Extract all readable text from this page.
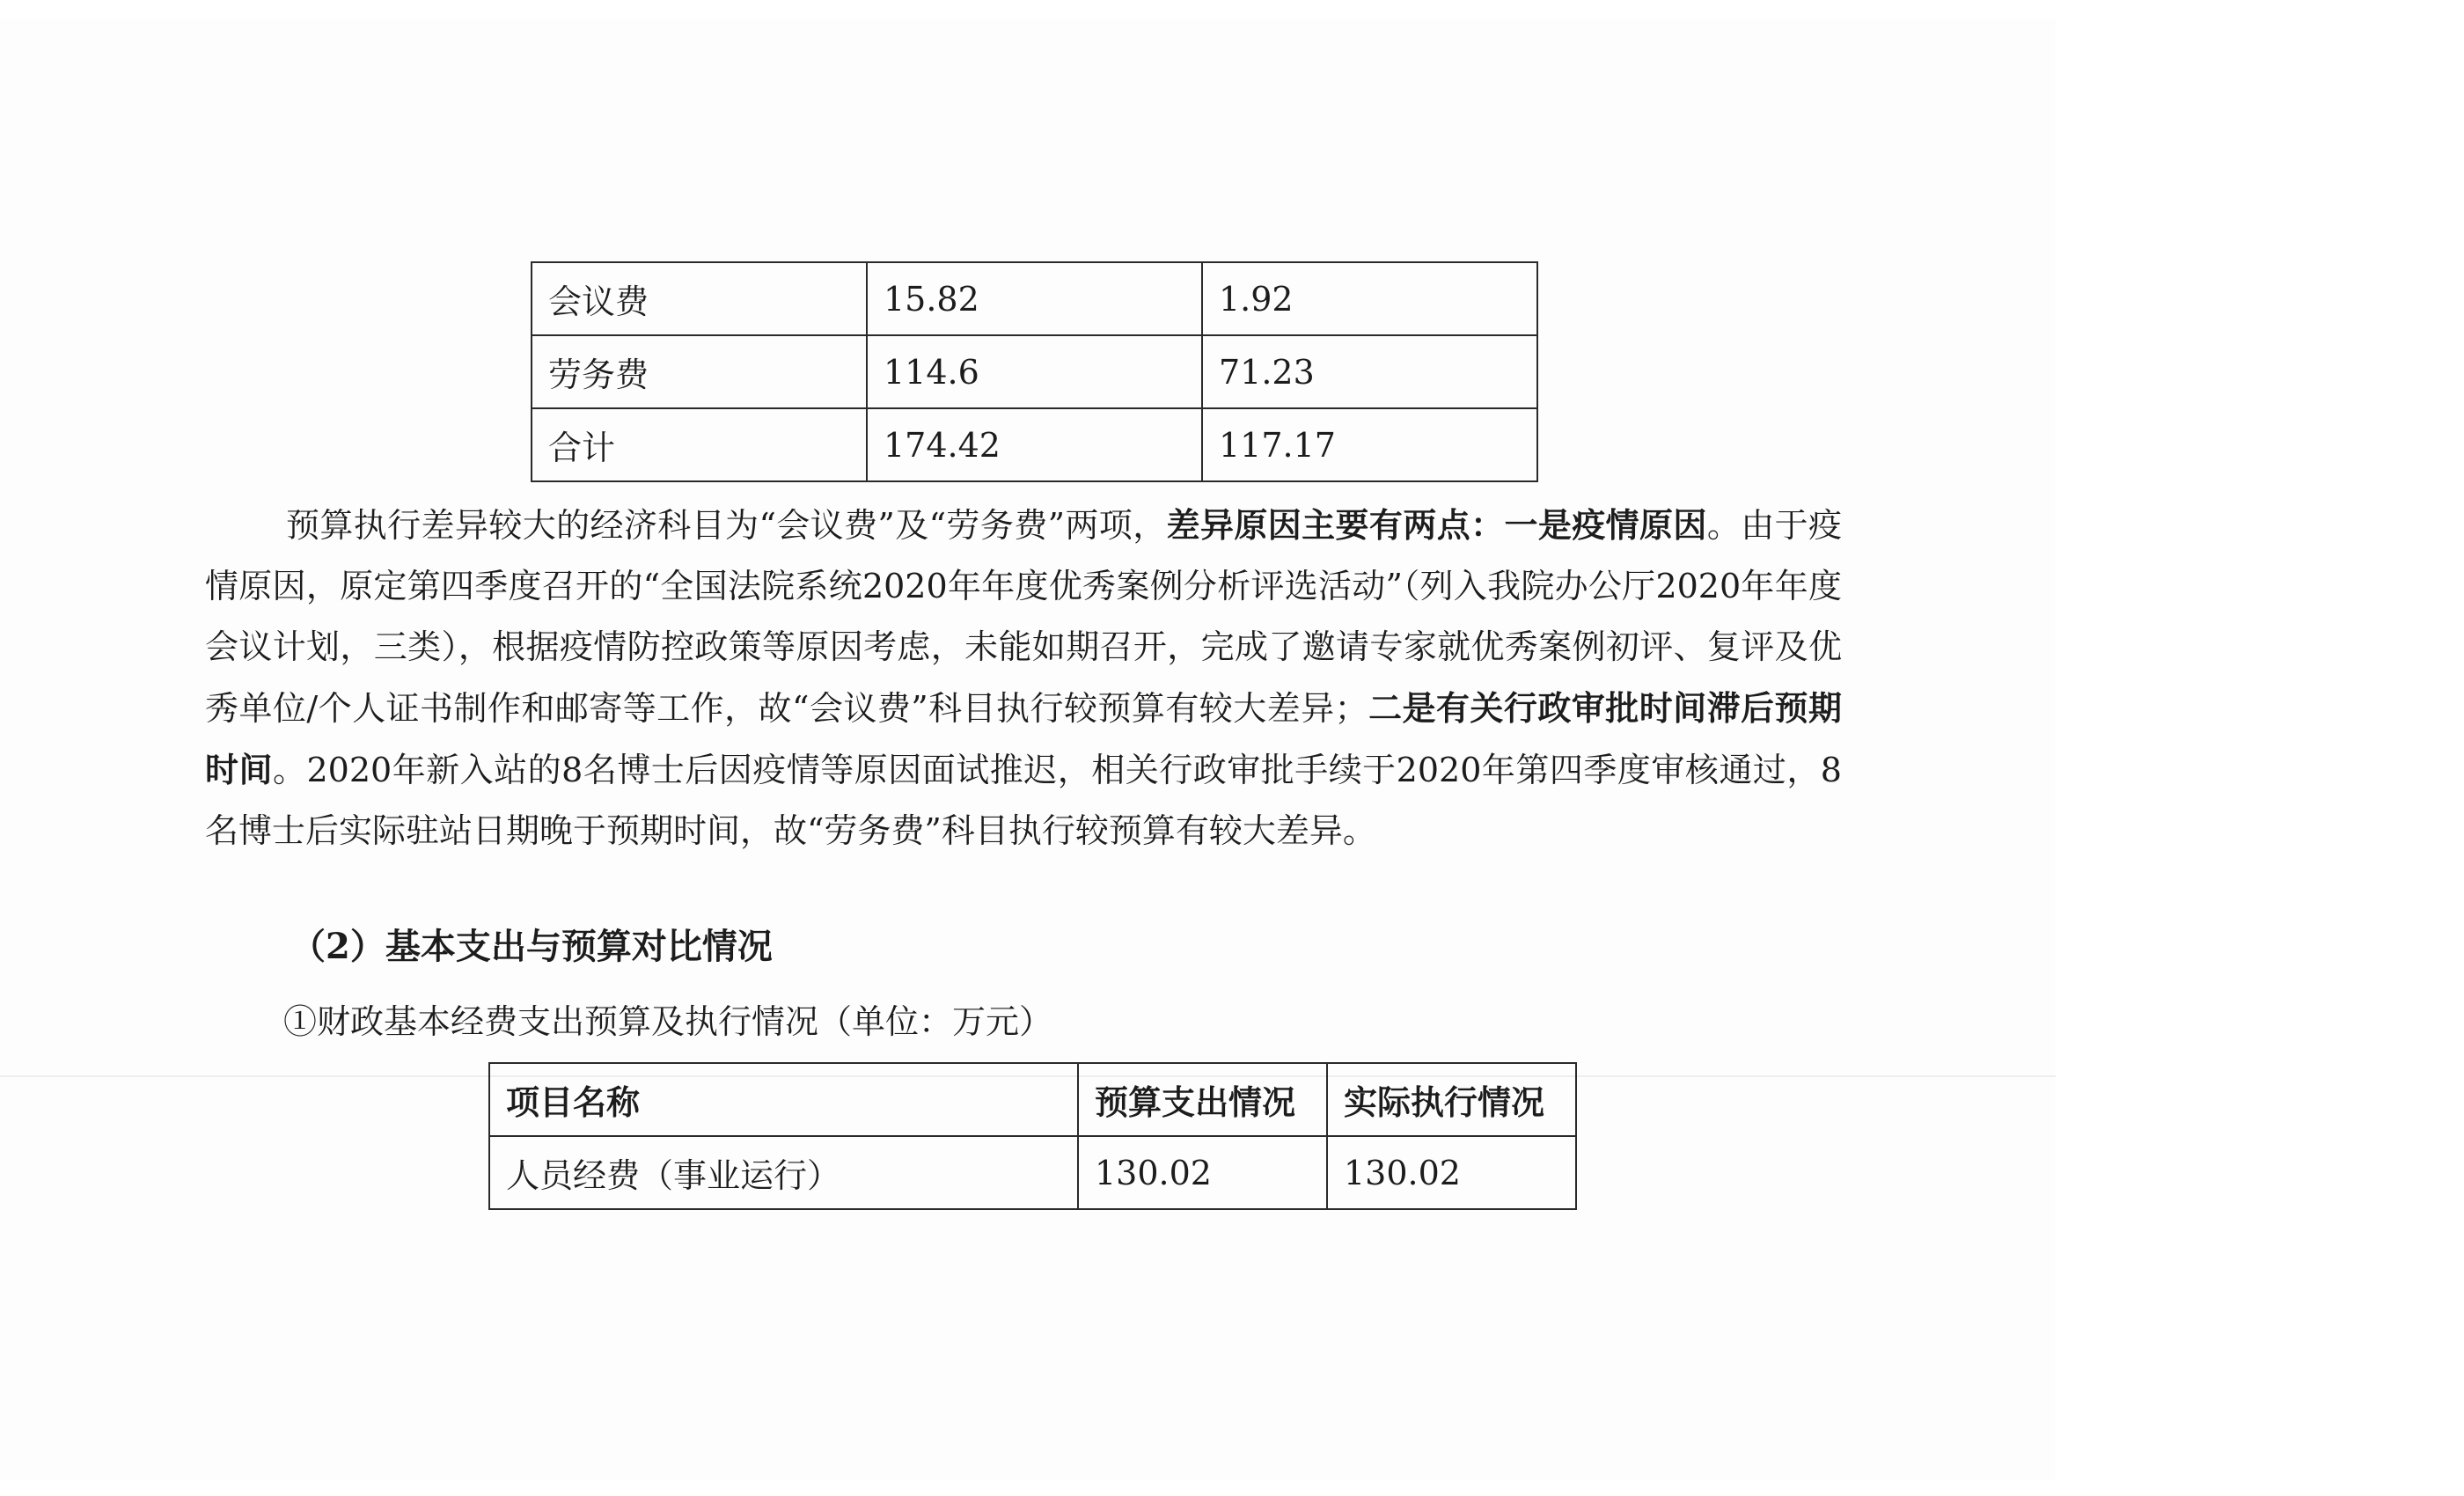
会议费	15.82	1.92
劳务费	114.6	71.23
合计	174.42	117.17

预算执行差异较大的经济科目为“会议费”及“劳务费”两项，差异原因主要有两点：一是疫情原因。由于疫情原因，原定第四季度召开的“全国法院系统2020年年度优秀案例分析评选活动”（列入我院办公厅2020年年度会议计划，三类），根据疫情防控政策等原因考虑，未能如期召开，完成了邀请专家就优秀案例初评、复评及优秀单位/个人证书制作和邮寄等工作，故“会议费”科目执行较预算有较大差异；二是有关行政审批时间滞后预期时间。2020年新入站的8名博士后因疫情等原因面试推迟，相关行政审批手续于2020年第四季度审核通过，8名博士后实际驻站日期晚于预期时间，故“劳务费”科目执行较预算有较大差异。

（2）基本支出与预算对比情况

①财政基本经费支出预算及执行情况（单位：万元）

项目名称	预算支出情况	实际执行情况
人员经费（事业运行）	130.02	130.02
